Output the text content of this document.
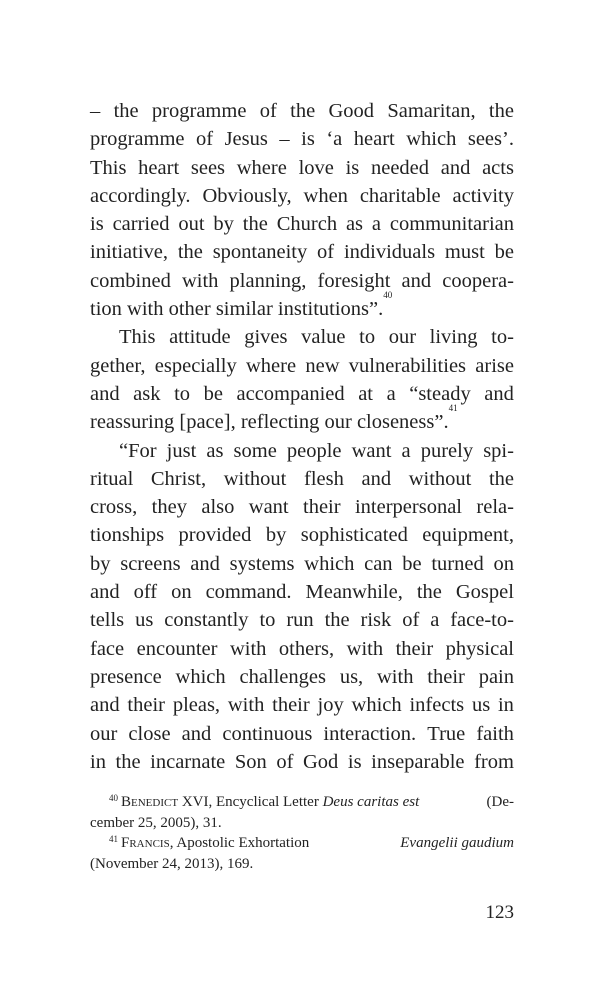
– the programme of the Good Samaritan, the
programme of Jesus – is ‘a heart which sees’.
This heart sees where love is needed and acts
accordingly. Obviously, when charitable activity
is carried out by the Church as a communitarian
initiative, the spontaneity of individuals must be
combined with planning, foresight and coopera-
tion with other similar institutions”.
40
This attitude gives value to our living to-
gether, especially where new vulnerabilities arise
and ask to be accompanied at a “steady and
reassuring [pace], reflecting our closeness”.
41
“For just as some people want a purely spi-
ritual Christ, without flesh and without the
cross, they also want their interpersonal rela-
tionships provided by sophisticated equipment,
by screens and systems which can be turned on
and off on command. Meanwhile, the Gospel
tells us constantly to run the risk of a face-to-
face encounter with others, with their physical
presence which challenges us, with their pain
and their pleas, with their joy which infects us in
our close and continuous interaction. True faith
in the incarnate Son of God is inseparable from
$^{40}$ Benedict XVI, Encyclical Letter Deus caritas est	(De-
cember 25, 2005), 31.
$^{41}$ Francis, Apostolic Exhortation	Evangelii gaudium
(November 24, 2013), 169.
123
